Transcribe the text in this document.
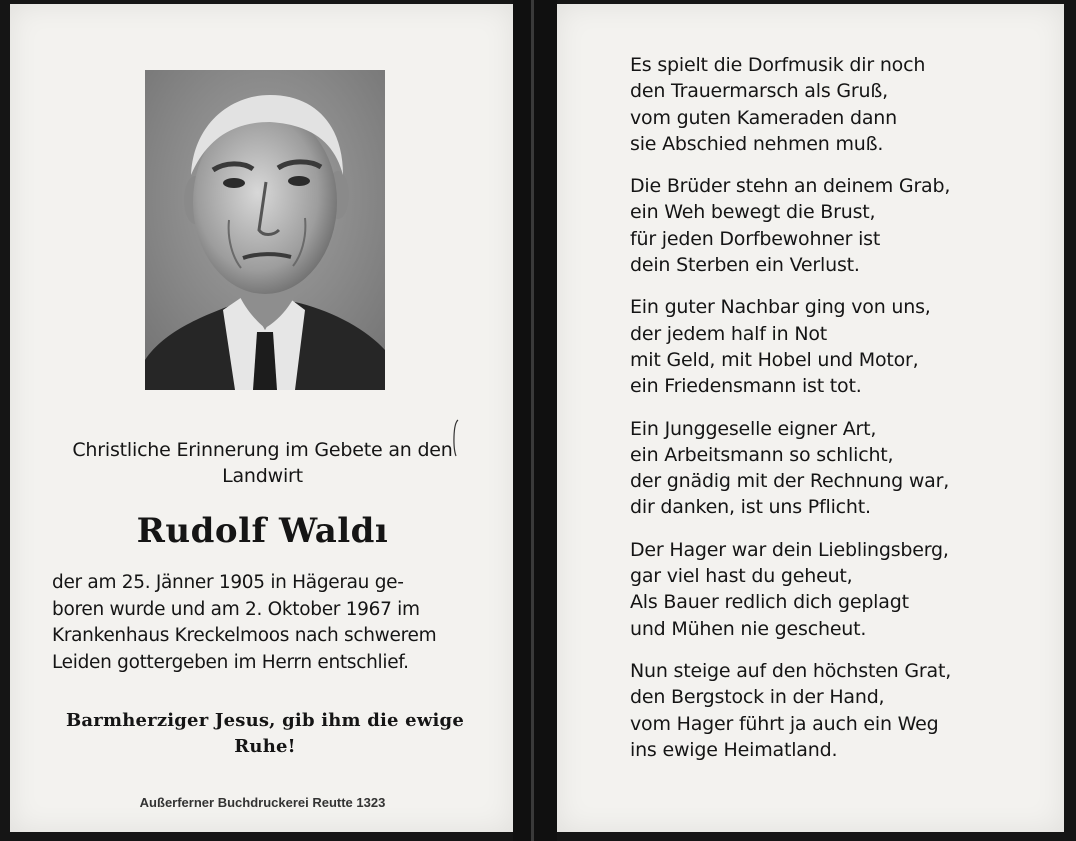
Christliche Erinnerung im Gebete an den
Landwirt
Rudolf Waldı
der am 25. Jänner 1905 in Hägerau ge-
boren wurde und am 2. Oktober 1967 im
Krankenhaus Kreckelmoos nach schwerem
Leiden gottergeben im Herrn entschlief.
Barmherziger Jesus, gib ihm die ewige
Ruhe!
Außerferner Buchdruckerei Reutte 1323
Es spielt die Dorfmusik dir noch
den Trauermarsch als Gruß,
vom guten Kameraden dann
sie Abschied nehmen muß.
Die Brüder stehn an deinem Grab,
ein Weh bewegt die Brust,
für jeden Dorfbewohner ist
dein Sterben ein Verlust.
Ein guter Nachbar ging von uns,
der jedem half in Not
mit Geld, mit Hobel und Motor,
ein Friedensmann ist tot.
Ein Junggeselle eigner Art,
ein Arbeitsmann so schlicht,
der gnädig mit der Rechnung war,
dir danken, ist uns Pflicht.
Der Hager war dein Lieblingsberg,
gar viel hast du geheut,
Als Bauer redlich dich geplagt
und Mühen nie gescheut.
Nun steige auf den höchsten Grat,
den Bergstock in der Hand,
vom Hager führt ja auch ein Weg
ins ewige Heimatland.
